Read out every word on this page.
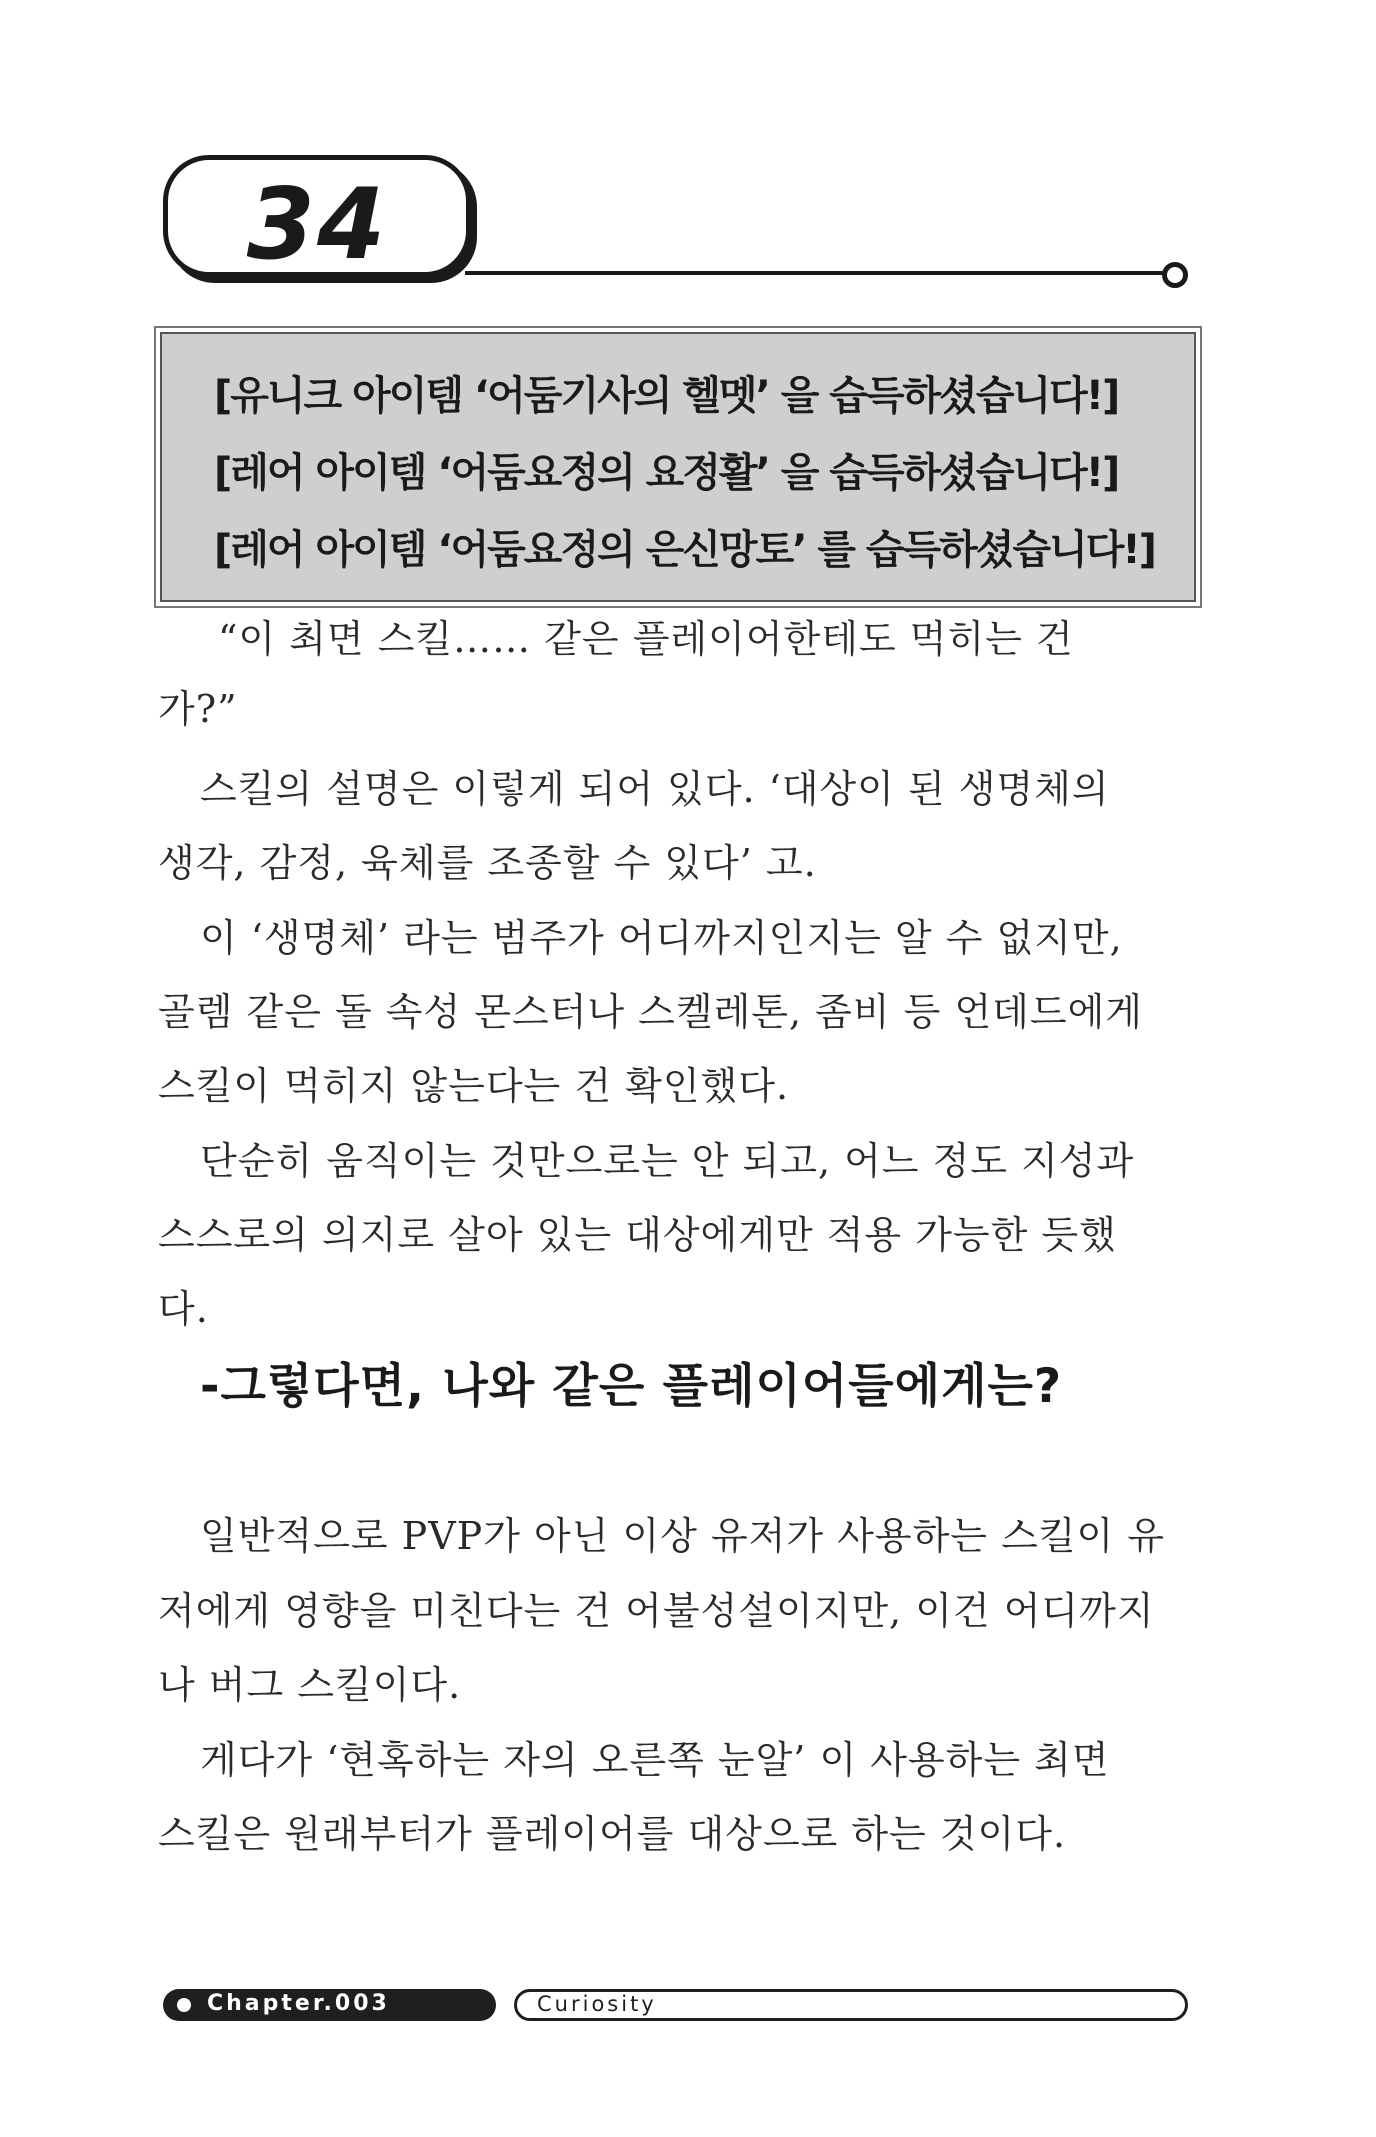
34
[유니크 아이템 ‘어둠기사의 헬멧’ 을 습득하셨습니다!]
[레어 아이템 ‘어둠요정의 요정활’ 을 습득하셨습니다!]
[레어 아이템 ‘어둠요정의 은신망토’ 를 습득하셨습니다!]
“이 최면 스킬…… 같은 플레이어한테도 먹히는 건
가?”
스킬의 설명은 이렇게 되어 있다. ‘대상이 된 생명체의
생각, 감정, 육체를 조종할 수 있다’ 고.
이 ‘생명체’ 라는 범주가 어디까지인지는 알 수 없지만,
골렘 같은 돌 속성 몬스터나 스켈레톤, 좀비 등 언데드에게
스킬이 먹히지 않는다는 건 확인했다.
단순히 움직이는 것만으로는 안 되고, 어느 정도 지성과
스스로의 의지로 살아 있는 대상에게만 적용 가능한 듯했
다.
-그렇다면, 나와 같은 플레이어들에게는?
일반적으로 PVP가 아닌 이상 유저가 사용하는 스킬이 유
저에게 영향을 미친다는 건 어불성설이지만, 이건 어디까지
나 버그 스킬이다.
게다가 ‘현혹하는 자의 오른쪽 눈알’ 이 사용하는 최면
스킬은 원래부터가 플레이어를 대상으로 하는 것이다.
Chapter.003	Curiosity
